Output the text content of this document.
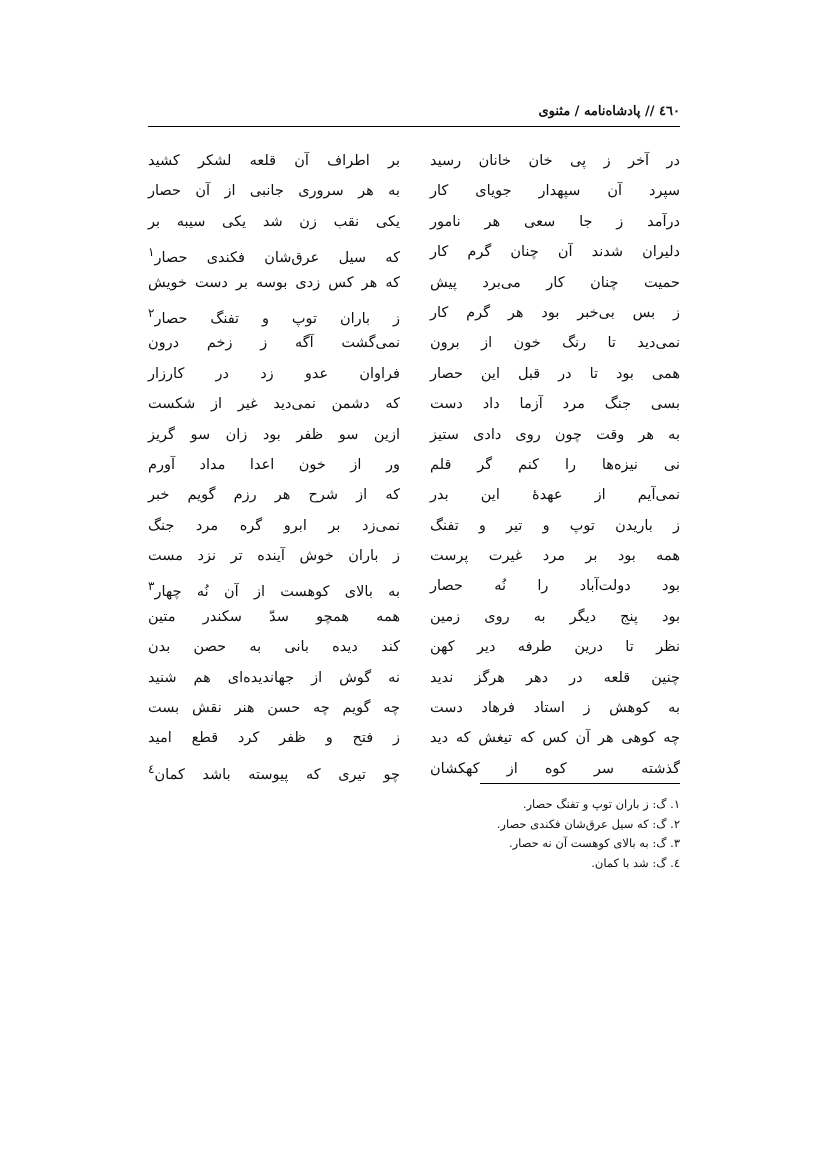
٤٦٠ // پادشاه‌نامه / مثنوی
در آخر ز پی خان خانان رسید
سپرد آن سپهدار جویای کار
درآمد ز جا سعی هر نامور
دلیران شدند آن چنان گرم کار
حمیت چنان کار می‌برد پیش
ز بس بی‌خبر بود هر گرم کار
نمی‌دید تا رنگ خون از برون
همی بود تا در قبل این حصار
بسی جنگ مرد آزما داد دست
به هر وقت چون روی دادی ستیز
نی نیزه‌ها را کنم گر قلم
نمی‌آیم از عهدهٔ این بدر
ز باریدن توپ و تیر و تفنگ
همه بود بر مرد غیرت پرست
بود دولت‌آباد را نُه حصار
بود پنج دیگر به روی زمین
نظر تا درین طرفه دیر کهن
چنین قلعه در دهر هرگز ندید
به کوهش ز استاد فرهاد دست
چه کوهی هر آن کس که تیغش که دید
گذشته سر کوه از کهکشان
بر اطراف آن قلعه لشکر کشید
به هر سروری جانبی از آن حصار
یکی نقب زن شد یکی سیبه بر
که سیل عرق‌شان فکندی حصار$^١$
که هر کس زدی بوسه بر دست خویش
ز باران توپ و تفنگ حصار$^٢$
نمی‌گشت آگه ز زخم درون
فراوان عدو زد در کارزار
که دشمن نمی‌دید غیر از شکست
ازین سو ظفر بود زان سو گریز
ور از خون اعدا مداد آورم
که از شرح هر رزم گویم خبر
نمی‌زد بر ابرو گره مرد جنگ
ز باران خوش آینده تر نزد مست
به بالای کوهست از آن نُه چهار$^٣$
همه همچو سدّ سکندر متین
کند دیده بانی به حصن بدن
نه گوش از جهاندیده‌ای هم شنید
چه گویم چه حسن هنر نقش بست
ز فتح و ظفر کرد قطع امید
چو تیری که پیوسته باشد کمان$^٤$
١. گ: ز باران توپ و تفنگ حصار.
٢. گ: که سیل عرق‌شان فکندی حصار.
٣. گ: به بالای کوهست آن نه حصار.
٤. گ: شد با کمان.
